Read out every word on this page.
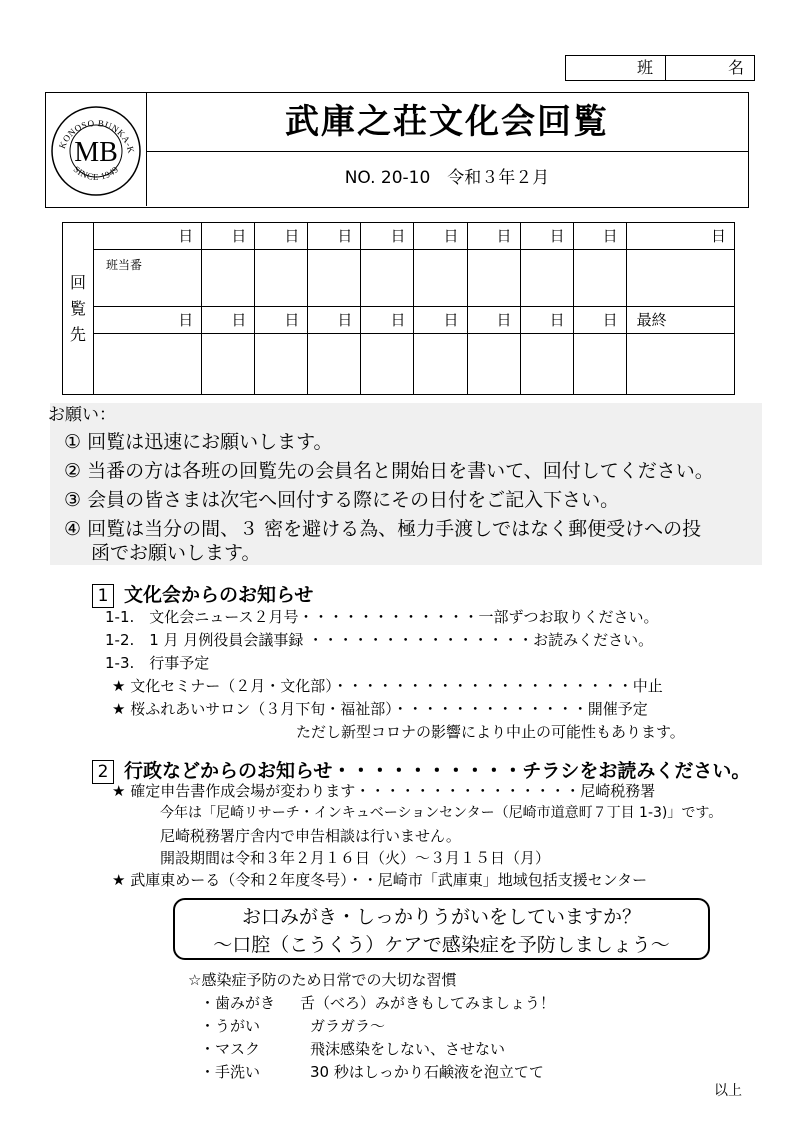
班	名
KONOSO BUNKA-K
MB
SINCE 1949
武庫之荘文化会回覧
NO. 20-10　令和３年２月
回
覧
先	日	日	日	日	日	日	日	日	日	日

	班当番									

	日	日	日	日	日	日	日	日	日	最終

お願い：
① 回覧は迅速にお願いします。
② 当番の方は各班の回覧先の会員名と開始日を書いて、回付してください。
③ 会員の皆さまは次宅へ回付する際にその日付をご記入下さい。
④ 回覧は当分の間、３ 密を避ける為、極力手渡しではなく郵便受けへの投
函でお願いします。
1 文化会からのお知らせ
1-1.　文化会ニュース２月号・・・・・・・・・・・・一部ずつお取りください。
1-2.　1 月 月例役員会議事録 ・・・・・・・・・・・・・・・お読みください。
1-3.　行事予定
★ 文化セミナー（２月・文化部）・・・・・・・・・・・・・・・・・・・・中止
★ 桜ふれあいサロン（３月下旬・福祉部）・・・・・・・・・・・・・開催予定
ただし新型コロナの影響により中止の可能性もあります。
2 行政などからのお知らせ・・・・・・・・・・チラシをお読みください。
★ 確定申告書作成会場が変わります・・・・・・・・・・・・・・・尼崎税務署
今年は「尼崎リサーチ・インキュベーションセンター（尼崎市道意町７丁目 1-3)」です。
尼崎税務署庁舎内で申告相談は行いません。
開設期間は令和３年２月１６日（火）～３月１５日（月）
★ 武庫東めーる（令和２年度冬号）・・尼崎市「武庫東」地域包括支援センター
お口みがき・しっかりうがいをしていますか？
～口腔（こうくう）ケアで感染症を予防しましょう～
☆感染症予防のため日常での大切な習慣
・歯みがき 舌（べろ）みがきもしてみましょう！
・うがい	ガラガラ～
・マスク	飛沫感染をしない、させない
・手洗い	30 秒はしっかり石鹸液を泡立てて
以上
